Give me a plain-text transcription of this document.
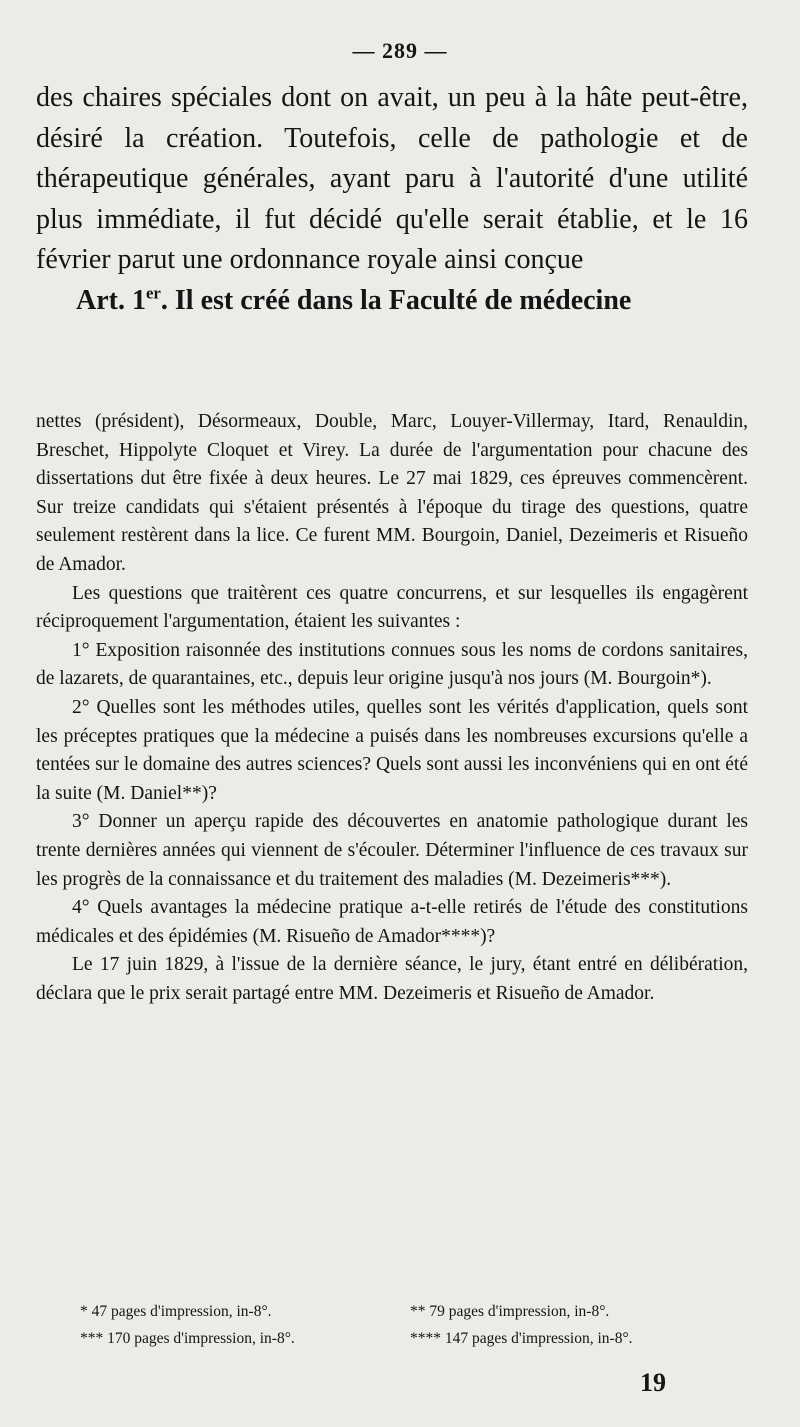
— 289 —

des chaires spéciales dont on avait, un peu à la hâte peut-être, désiré la création. Toutefois, celle de pathologie et de thérapeutique générales, ayant paru à l'autorité d'une utilité plus immédiate, il fut décidé qu'elle serait établie, et le 16 février parut une ordonnance royale ainsi conçue

Art. 1er. Il est créé dans la Faculté de médecine

nettes (président), Désormeaux, Double, Marc, Louyer-Villermay, Itard, Renauldin, Breschet, Hippolyte Cloquet et Virey. La durée de l'argumentation pour chacune des dissertations dut être fixée à deux heures. Le 27 mai 1829, ces épreuves commencèrent. Sur treize candidats qui s'étaient présentés à l'époque du tirage des questions, quatre seulement restèrent dans la lice. Ce furent MM. Bourgoin, Daniel, Dezeimeris et Risueño de Amador.

Les questions que traitèrent ces quatre concurrens, et sur lesquelles ils engagèrent réciproquement l'argumentation, étaient les suivantes :

1° Exposition raisonnée des institutions connues sous les noms de cordons sanitaires, de lazarets, de quarantaines, etc., depuis leur origine jusqu'à nos jours (M. Bourgoin*).

2° Quelles sont les méthodes utiles, quelles sont les vérités d'application, quels sont les préceptes pratiques que la médecine a puisés dans les nombreuses excursions qu'elle a tentées sur le domaine des autres sciences? Quels sont aussi les inconvéniens qui en ont été la suite (M. Daniel**)?

3° Donner un aperçu rapide des découvertes en anatomie pathologique durant les trente dernières années qui viennent de s'écouler. Déterminer l'influence de ces travaux sur les progrès de la connaissance et du traitement des maladies (M. Dezeimeris***).

4° Quels avantages la médecine pratique a-t-elle retirés de l'étude des constitutions médicales et des épidémies (M. Risueño de Amador****)?

Le 17 juin 1829, à l'issue de la dernière séance, le jury, étant entré en délibération, déclara que le prix serait partagé entre MM. Dezeimeris et Risueño de Amador.

* 47 pages d'impression, in-8°.	** 79 pages d'impression, in-8°.
*** 170 pages d'impression, in-8°.	**** 147 pages d'impression, in-8°.
19
